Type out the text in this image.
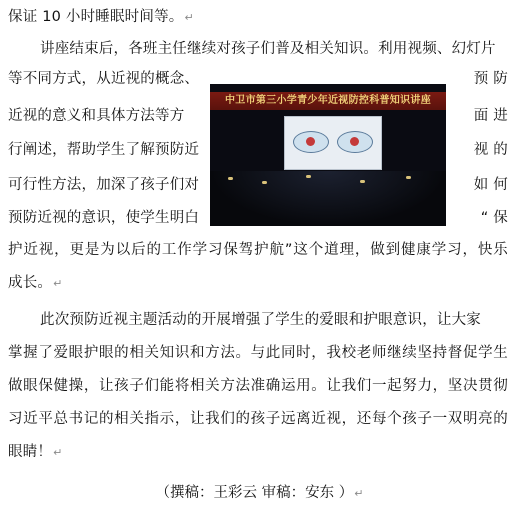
保证 10 小时睡眠时间等。↵
讲座结束后，各班主任继续对孩子们普及相关知识。利用视频、幻灯片
等不同方式，从近视的概念、	预 防
近视的意义和具体方法等方	面 进
行阐述，帮助学生了解预防近	视 的
可行性方法，加深了孩子们对	如 何
预防近视的意识，使学生明白	“ 保
中卫市第三小学青少年近视防控科普知识讲座
护近视，更是为以后的工作学习保驾护航”这个道理，做到健康学习，快乐
成长。↵
此次预防近视主题活动的开展增强了学生的爱眼和护眼意识，让大家
掌握了爱眼护眼的相关知识和方法。与此同时，我校老师继续坚持督促学生
做眼保健操，让孩子们能将相关方法准确运用。让我们一起努力，坚决贯彻
习近平总书记的相关指示，让我们的孩子远离近视，还每个孩子一双明亮的
眼睛！↵
（撰稿：王彩云 审稿：安东 ）↵
